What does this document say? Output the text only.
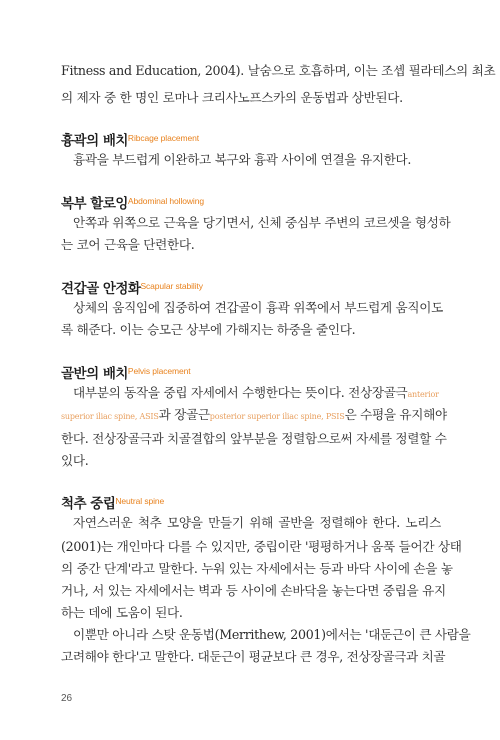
Fitness and Education, 2004). 날숨으로 호흡하며, 이는 조셉 필라테스의 최초
의 제자 중 한 명인 로마나 크리사노프스카의 운동법과 상반된다.
흉곽의 배치$^{Ribcage placement}$
흉곽을 부드럽게 이완하고 복구와 흉곽 사이에 연결을 유지한다.
복부 할로잉$^{Abdominal hollowing}$
안쪽과 위쪽으로 근육을 당기면서, 신체 중심부 주변의 코르셋을 형성하
는 코어 근육을 단련한다.
견갑골 안정화$^{Scapular stability}$
상체의 움직임에 집중하여 견갑골이 흉곽 위쪽에서 부드럽게 움직이도
록 해준다. 이는 승모근 상부에 가해지는 하중을 줄인다.
골반의 배치$^{Pelvis placement}$
대부분의 동작을 중립 자세에서 수행한다는 뜻이다. 전상장골극anterior
superior iliac spine, ASIS과 장골근posterior superior iliac spine, PSIS은 수평을 유지해야
한다. 전상장골극과 치골결합의 앞부분을 정렬함으로써 자세를 정렬할 수
있다.
척추 중립$^{Neutral spine}$
자연스러운 척추 모양을 만들기 위해 골반을 정렬해야 한다. 노리스
(2001)는 개인마다 다를 수 있지만, 중립이란 '평평하거나 움푹 들어간 상태
의 중간 단계'라고 말한다. 누워 있는 자세에서는 등과 바닥 사이에 손을 놓
거나, 서 있는 자세에서는 벽과 등 사이에 손바닥을 놓는다면 중립을 유지
하는 데에 도움이 된다.
이뿐만 아니라 스탓 운동법(Merrithew, 2001)에서는 '대둔근이 큰 사람을
고려해야 한다'고 말한다. 대둔근이 평균보다 큰 경우, 전상장골극과 치골
26
